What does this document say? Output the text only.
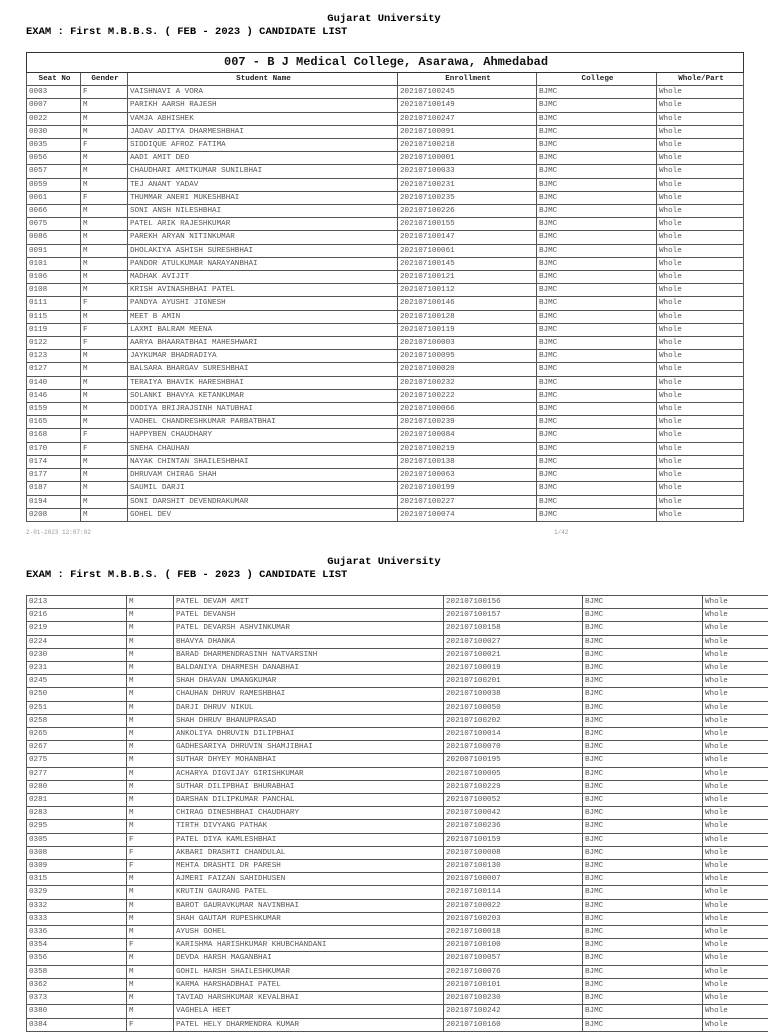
Gujarat University
EXAM : First M.B.B.S. ( FEB - 2023 ) CANDIDATE LIST
007 - B J Medical College, Asarawa, Ahmedabad					
Seat No	Gender	Student Name	Enrollment	College	Whole/Part
0003	F	VAISHNAVI A VORA	202107100245	BJMC	Whole
0007	M	PARIKH AARSH RAJESH	202107100149	BJMC	Whole
0022	M	VAMJA ABHISHEK	202107100247	BJMC	Whole
0030	M	JADAV ADITYA DHARMESHBHAI	202107100091	BJMC	Whole
0035	F	SIDDIQUE AFROZ FATIMA	202107100218	BJMC	Whole
0056	M	AADI AMIT DEO	202107100001	BJMC	Whole
0057	M	CHAUDHARI AMITKUMAR SUNILBHAI	202107100033	BJMC	Whole
0059	M	TEJ ANANT YADAV	202107100231	BJMC	Whole
0061	F	THUMMAR ANERI MUKESHBHAI	202107100235	BJMC	Whole
0066	M	SONI ANSH NILESHBHAI	202107100226	BJMC	Whole
0075	M	PATEL ARIK RAJESHKUMAR	202107100155	BJMC	Whole
0086	M	PAREKH ARYAN NITINKUMAR	202107100147	BJMC	Whole
0091	M	DHOLAKIYA ASHISH SURESHBHAI	202107100061	BJMC	Whole
0101	M	PANDOR ATULKUMAR NARAYANBHAI	202107100145	BJMC	Whole
0106	M	MADHAK AVIJIT	202107100121	BJMC	Whole
0108	M	KRISH AVINASHBHAI PATEL	202107100112	BJMC	Whole
0111	F	PANDYA AYUSHI JIGNESH	202107100146	BJMC	Whole
0115	M	MEET B AMIN	202107100128	BJMC	Whole
0119	F	LAXMI BALRAM MEENA	202107100119	BJMC	Whole
0122	F	AARYA BHAARATBHAI MAHESHWARI	202107100003	BJMC	Whole
0123	M	JAYKUMAR BHADRADIYA	202107100095	BJMC	Whole
0127	M	BALSARA BHARGAV SURESHBHAI	202107100020	BJMC	Whole
0140	M	TERAIYA BHAVIK HARESHBHAI	202107100232	BJMC	Whole
0146	M	SOLANKI BHAVYA KETANKUMAR	202107100222	BJMC	Whole
0159	M	DODIYA BRIJRAJSINH NATUBHAI	202107100066	BJMC	Whole
0165	M	VADHEL CHANDRESHKUMAR PARBATBHAI	202107100239	BJMC	Whole
0168	F	HAPPYBEN CHAUDHARY	202107100084	BJMC	Whole
0170	F	SNEHA CHAUHAN	202107100219	BJMC	Whole
0174	M	NAYAK CHINTAN SHAILESHBHAI	202107100138	BJMC	Whole
0177	M	DHRUVAM CHIRAG SHAH	202107100063	BJMC	Whole
0187	M	SAUMIL DARJI	202107100199	BJMC	Whole
0194	M	SONI DARSHIT DEVENDRAKUMAR	202107100227	BJMC	Whole
0208	M	GOHEL DEV	202107100074	BJMC	Whole
2-01-2023 12:07:02	1/42
Gujarat University
EXAM : First M.B.B.S. ( FEB - 2023 ) CANDIDATE LIST
0213	M	PATEL DEVAM AMIT	202107100156	BJMC	Whole
0216	M	PATEL DEVANSH	202107100157	BJMC	Whole
0219	M	PATEL DEVARSH ASHVINKUMAR	202107100158	BJMC	Whole
0224	M	BHAVYA DHANKA	202107100027	BJMC	Whole
0230	M	BARAD DHARMENDRASINH NATVARSINH	202107100021	BJMC	Whole
0231	M	BALDANIYA DHARMESH DANABHAI	202107100019	BJMC	Whole
0245	M	SHAH DHAVAN UMANGKUMAR	202107100201	BJMC	Whole
0250	M	CHAUHAN DHRUV RAMESHBHAI	202107100038	BJMC	Whole
0251	M	DARJI DHRUV NIKUL	202107100050	BJMC	Whole
0258	M	SHAH DHRUV BHANUPRASAD	202107100202	BJMC	Whole
0265	M	ANKOLIYA DHRUVIN DILIPBHAI	202107100014	BJMC	Whole
0267	M	GADHESARIYA DHRUVIN SHAMJIBHAI	202107100070	BJMC	Whole
0275	M	SUTHAR DHYEY MOHANBHAI	202007100195	BJMC	Whole
0277	M	ACHARYA DIGVIJAY GIRISHKUMAR	202107100005	BJMC	Whole
0280	M	SUTHAR DILIPBHAI BHURABHAI	202107100229	BJMC	Whole
0281	M	DARSHAN DILIPKUMAR PANCHAL	202107100052	BJMC	Whole
0283	M	CHIRAG DINESHBHAI CHAUDHARY	202107100042	BJMC	Whole
0295	M	TIRTH DIVYANG PATHAK	202107100236	BJMC	Whole
0305	F	PATEL DIYA KAMLESHBHAI	202107100159	BJMC	Whole
0308	F	AKBARI DRASHTI CHANDULAL	202107100008	BJMC	Whole
0309	F	MEHTA DRASHTI DR PARESH	202107100130	BJMC	Whole
0315	M	AJMERI FAIZAN SAHIDHUSEN	202107100007	BJMC	Whole
0329	M	KRUTIN GAURANG PATEL	202107100114	BJMC	Whole
0332	M	BAROT GAURAVKUMAR NAVINBHAI	202107100022	BJMC	Whole
0333	M	SHAH GAUTAM RUPESHKUMAR	202107100203	BJMC	Whole
0336	M	AYUSH GOHEL	202107100018	BJMC	Whole
0354	F	KARISHMA HARISHKUMAR KHUBCHANDANI	202107100100	BJMC	Whole
0356	M	DEVDA HARSH MAGANBHAI	202107100057	BJMC	Whole
0358	M	GOHIL HARSH SHAILESHKUMAR	202107100076	BJMC	Whole
0362	M	KARMA HARSHADBHAI PATEL	202107100101	BJMC	Whole
0373	M	TAVIAD HARSHKUMAR KEVALBHAI	202107100230	BJMC	Whole
0380	M	VAGHELA HEET	202107100242	BJMC	Whole
0384	F	PATEL HELY DHARMENDRA KUMAR	202107100160	BJMC	Whole
